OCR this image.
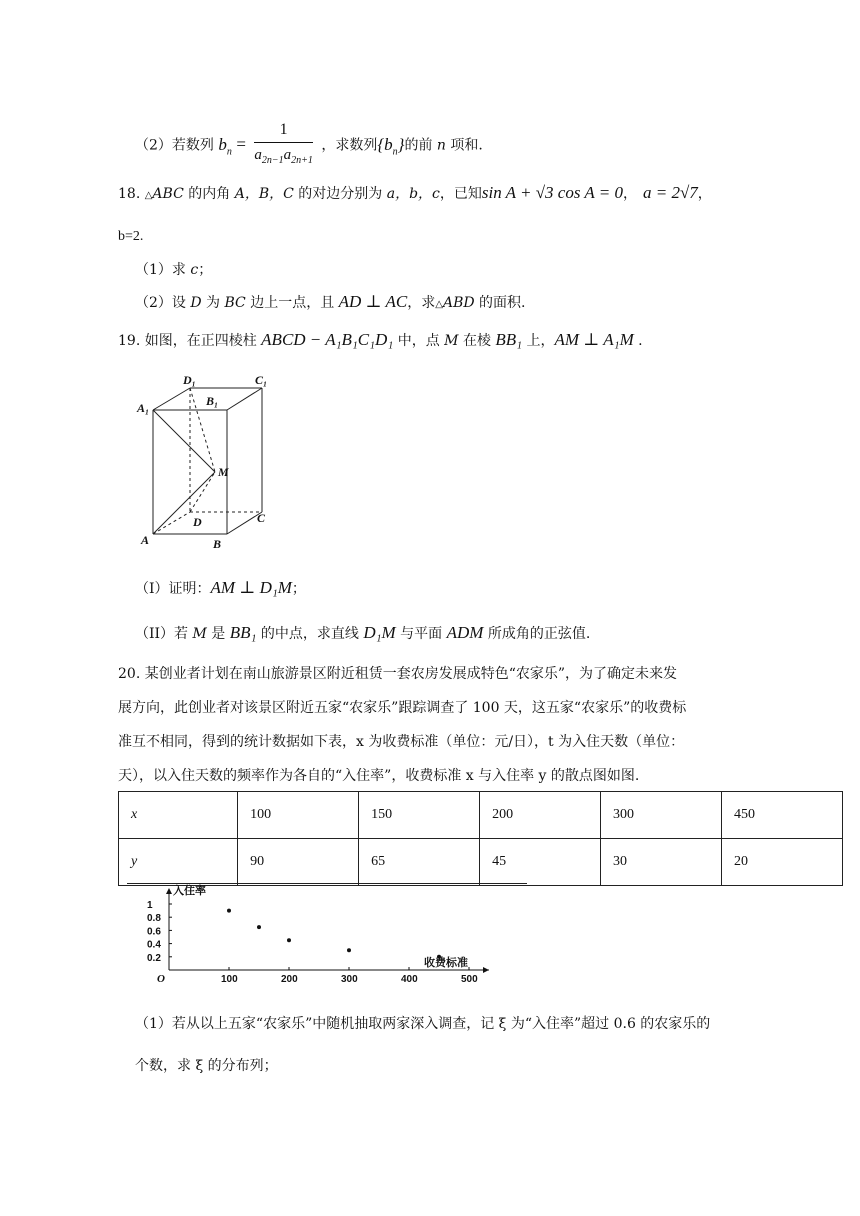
（2）若数列 $b_n = \frac{1}{a_{2n-1}a_{2n+1}}$ ，求数列$\{b_n\}$的前 n 项和.
18. △ABC 的内角 A，B，C 的对边分别为 a，b，c，已知sin A + √3 cos A = 0， a = 2√7，
b=2.
（1）求 c；
（2）设 D 为 BC 边上一点，且 AD ⊥ AC，求△ABD 的面积.
19. 如图，在正四棱柱 ABCD − A₁B₁C₁D₁ 中，点 M 在棱 BB₁ 上，AM ⊥ A₁M .
D₁	C₁
A₁	B₁
M
D	C
A	B
（I）证明：AM ⊥ D₁M；
（II）若 M 是 BB₁ 的中点，求直线 D₁M 与平面 ADM 所成角的正弦值.
20. 某创业者计划在南山旅游景区附近租赁一套农房发展成特色“农家乐”，为了确定未来发
展方向，此创业者对该景区附近五家“农家乐”跟踪调查了 100 天，这五家“农家乐”的收费标
准互不相同，得到的统计数据如下表，x 为收费标准（单位：元/日），t 为入住天数（单位：
天），以入住天数的频率作为各自的“入住率”，收费标准 x 与入住率 y 的散点图如图.
x	100	150	200	300	450
y	90	65	45	30	20
100	200	300	400	500
0.2
0.4
0.6
0.8
1
入住率
收费标准
O
（1）若从以上五家“农家乐”中随机抽取两家深入调查，记 ξ 为“入住率”超过 0.6 的农家乐的
个数，求 ξ 的分布列；
